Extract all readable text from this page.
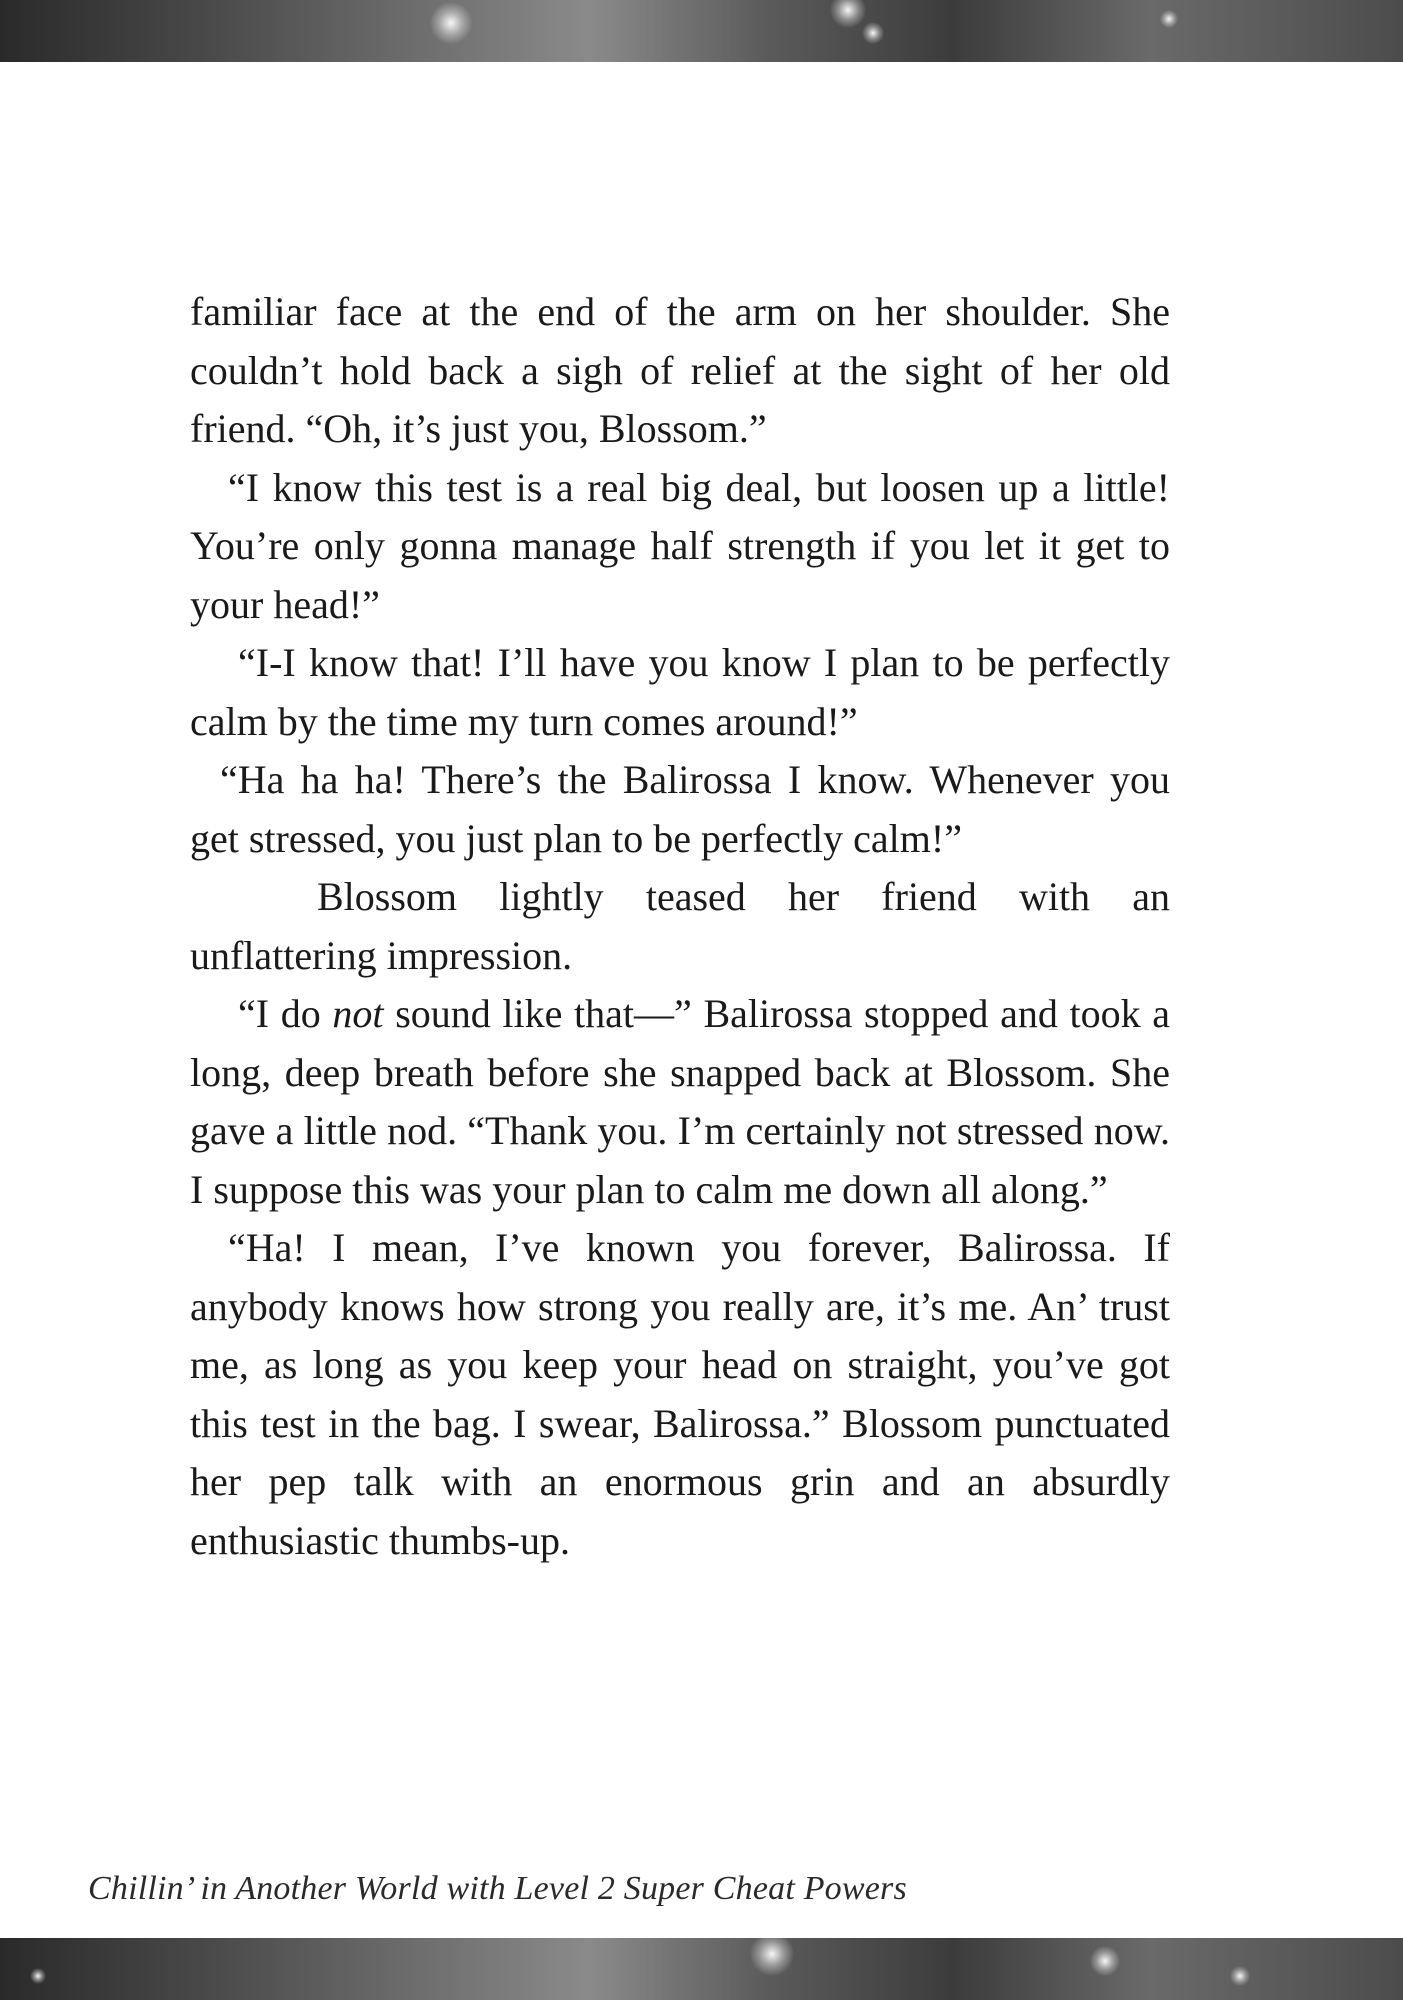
familiar face at the end of the arm on her shoulder. She couldn’t hold back a sigh of relief at the sight of her old friend. “Oh, it’s just you, Blossom.”

“I know this test is a real big deal, but loosen up a little! You’re only gonna manage half strength if you let it get to your head!”

“I-I know that! I’ll have you know I plan to be perfectly calm by the time my turn comes around!”

“Ha ha ha! There’s the Balirossa I know. Whenever you get stressed, you just plan to be perfectly calm!”

Blossom lightly teased her friend with an unflattering impression.

“I do not sound like that—” Balirossa stopped and took a long, deep breath before she snapped back at Blossom. She gave a little nod. “Thank you. I’m certainly not stressed now. I suppose this was your plan to calm me down all along.”

“Ha! I mean, I’ve known you forever, Balirossa. If anybody knows how strong you really are, it’s me. An’ trust me, as long as you keep your head on straight, you’ve got this test in the bag. I swear, Balirossa.” Blossom punctuated her pep talk with an enormous grin and an absurdly enthusiastic thumbs-up.

Chillin’ in Another World with Level 2 Super Cheat Powers
